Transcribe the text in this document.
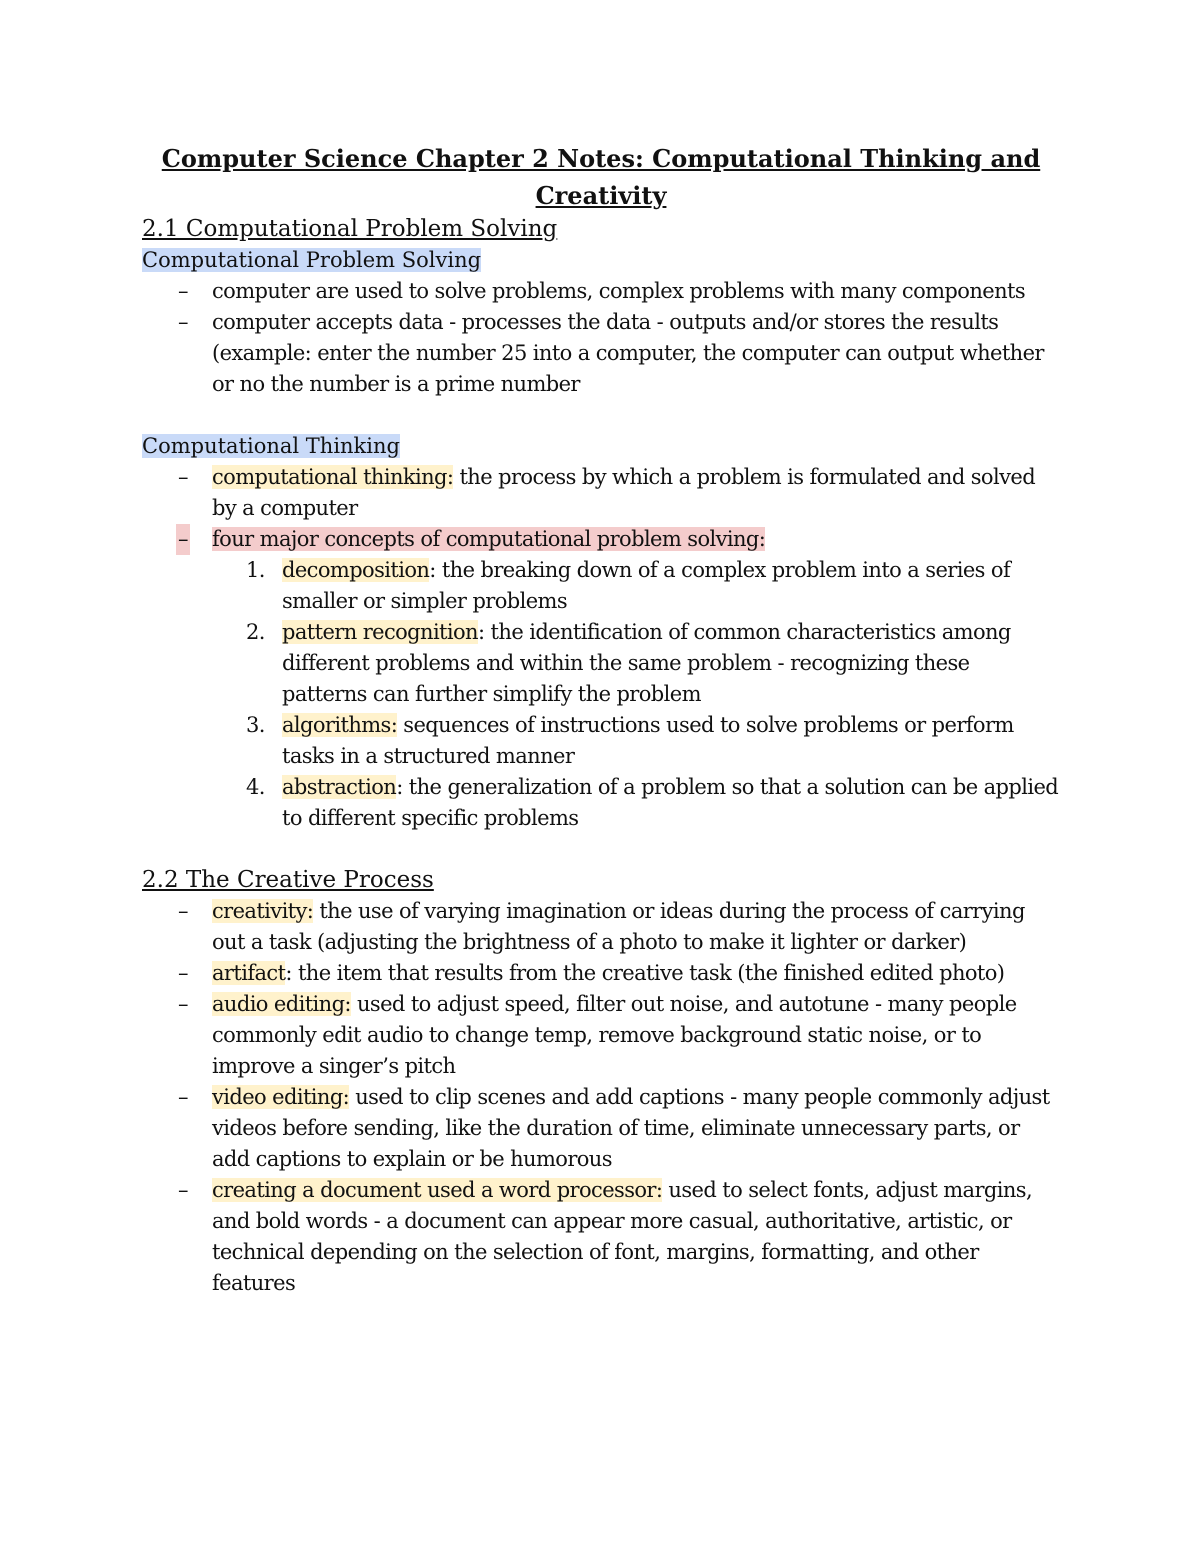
Computer Science Chapter 2 Notes: Computational Thinking and Creativity
2.1 Computational Problem Solving

Computational Problem Solving

– computer are used to solve problems, complex problems with many components
– computer accepts data - processes the data - outputs and/or stores the results (example: enter the number 25 into a computer, the computer can output whether or no the number is a prime number

Computational Thinking

– computational thinking: the process by which a problem is formulated and solved by a computer
– four major concepts of computational problem solving:
1. decomposition: the breaking down of a complex problem into a series of smaller or simpler problems
2. pattern recognition: the identification of common characteristics among different problems and within the same problem - recognizing these patterns can further simplify the problem
3. algorithms: sequences of instructions used to solve problems or perform tasks in a structured manner
4. abstraction: the generalization of a problem so that a solution can be applied to different specific problems
2.2 The Creative Process
– creativity: the use of varying imagination or ideas during the process of carrying out a task (adjusting the brightness of a photo to make it lighter or darker)
– artifact: the item that results from the creative task (the finished edited photo)
– audio editing: used to adjust speed, filter out noise, and autotune - many people commonly edit audio to change temp, remove background static noise, or to improve a singer’s pitch
– video editing: used to clip scenes and add captions - many people commonly adjust videos before sending, like the duration of time, eliminate unnecessary parts, or add captions to explain or be humorous
– creating a document used a word processor: used to select fonts, adjust margins, and bold words - a document can appear more casual, authoritative, artistic, or technical depending on the selection of font, margins, formatting, and other features
